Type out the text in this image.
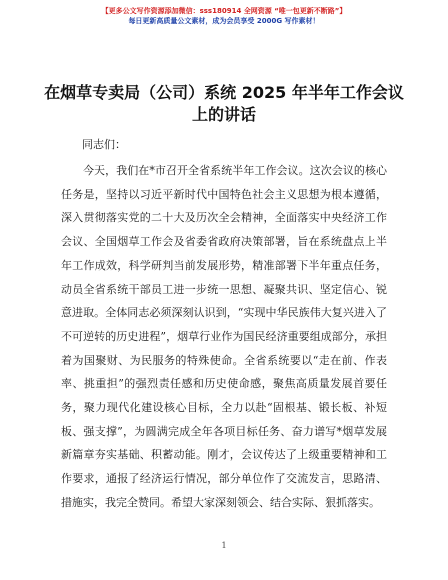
【更多公文写作资源添加微信：sss180914 全网资源 “唯一包更新不断路”】
每日更新高质量公文素材，成为会员享受 2000G 写作素材！
在烟草专卖局（公司）系统 2025 年半年工作会议上的讲话
同志们：
今天，我们在*市召开全省系统半年工作会议。这次会议的核心任务是，坚持以习近平新时代中国特色社会主义思想为根本遵循，深入贯彻落实党的二十大及历次全会精神，全面落实中央经济工作会议、全国烟草工作会及省委省政府决策部署，旨在系统盘点上半年工作成效，科学研判当前发展形势，精准部署下半年重点任务，动员全省系统干部员工进一步统一思想、凝聚共识、坚定信心、锐意进取。全体同志必须深刻认识到，“实现中华民族伟大复兴进入了不可逆转的历史进程”，烟草行业作为国民经济重要组成部分，承担着为国聚财、为民服务的特殊使命。全省系统要以“走在前、作表率、挑重担”的强烈责任感和历史使命感，聚焦高质量发展首要任务，聚力现代化建设核心目标，全力以赴“固根基、锻长板、补短板、强支撑”，为圆满完成全年各项目标任务、奋力谱写*烟草发展新篇章夯实基础、积蓄动能。刚才，会议传达了上级重要精神和工作要求，通报了经济运行情况，部分单位作了交流发言，思路清、措施实，我完全赞同。希望大家深刻领会、结合实际、狠抓落实。
1
